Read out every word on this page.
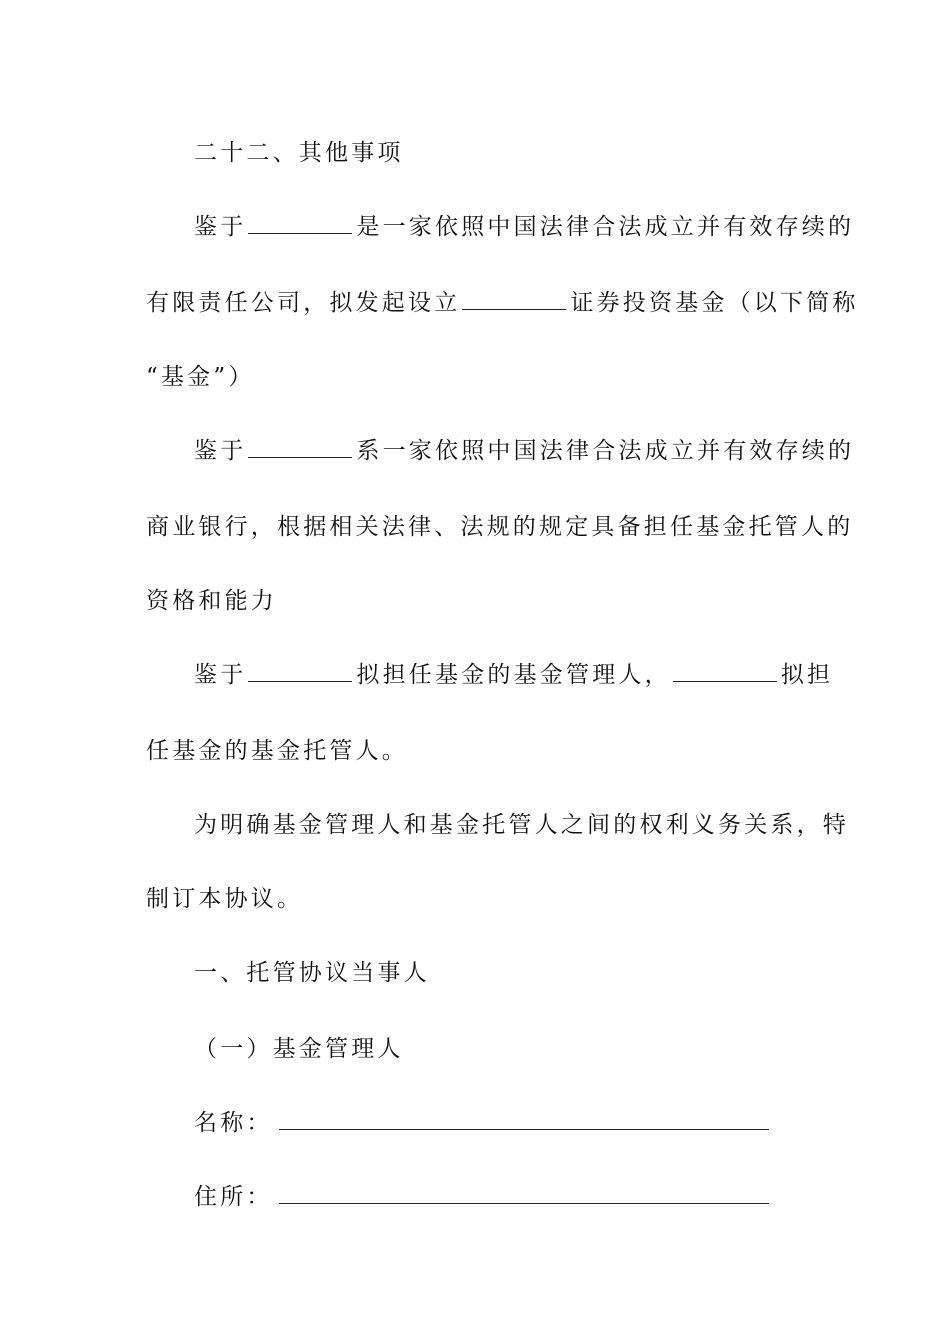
二十二、其他事项

鉴于	是一家依照中国法律合法成立并有效存续的

有限责任公司，拟发起设立	证券投资基金（以下简称

“基金”）

鉴于	系一家依照中国法律合法成立并有效存续的

商业银行，根据相关法律、法规的规定具备担任基金托管人的

资格和能力

鉴于	拟担任基金的基金管理人，	拟担

任基金的基金托管人。

为明确基金管理人和基金托管人之间的权利义务关系，特

制订本协议。

一、托管协议当事人

（一）基金管理人

名称：

住所：
